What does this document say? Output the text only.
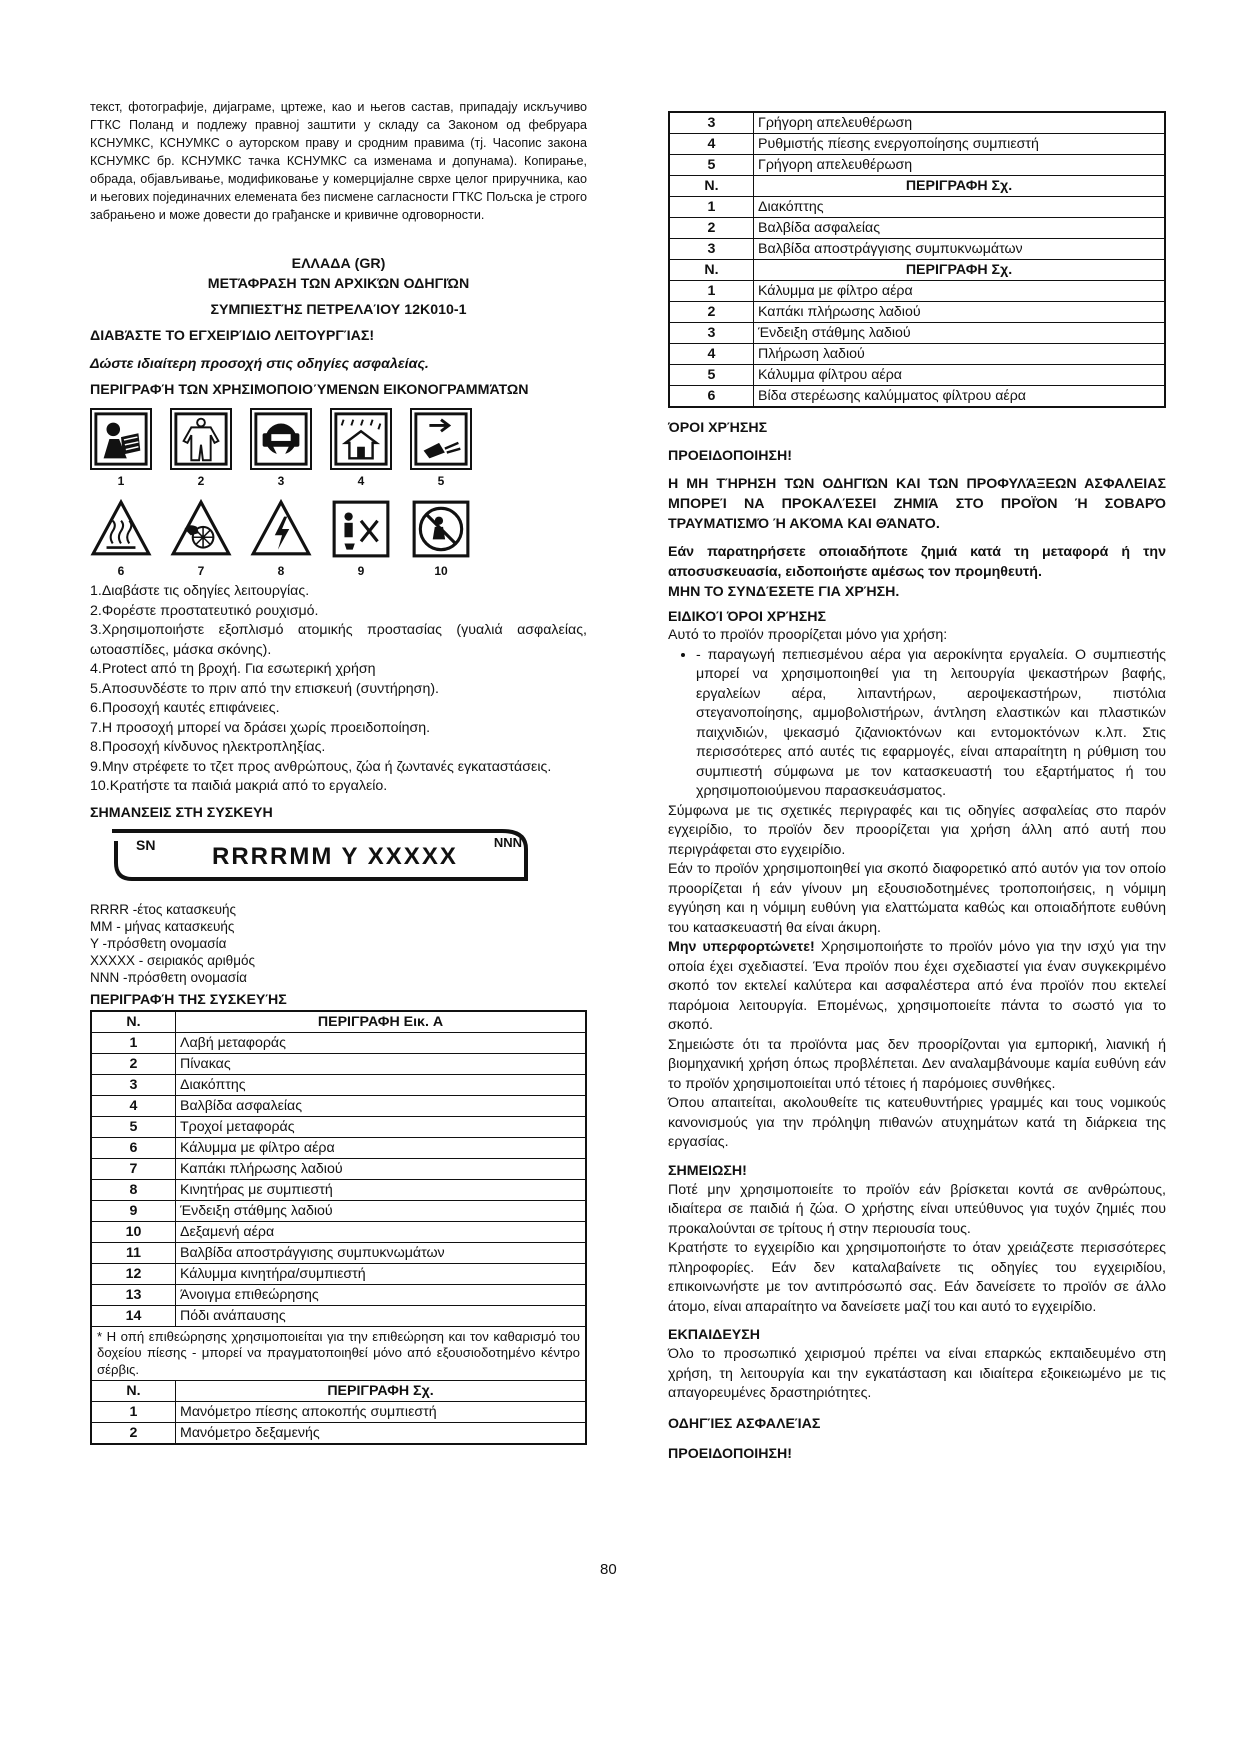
текст, фотографије, дијаграме, цртеже, као и његов састав, припадају искључиво ГТКС Поланд и подлежу правној заштити у складу са Законом од фебруара КСНУМКС, КСНУМКС о ауторском праву и сродним правима (тј. Часопис закона КСНУМКС бр. КСНУМКС тачка КСНУМКС са изменама и допунама). Копирање, обрада, објављивање, модификовање у комерцијалне сврхе целог приручника, као и његових појединачних елемената без писмене сагласности ГТКС Пољска је строго забрањено и може довести до грађанске и кривичне одговорности.

ΕΛΛΑΔΑ (GR)

ΜΕΤΆΦΡΑΣΗ ΤΩΝ ΑΡΧΙΚΏΝ ΟΔΗΓΙΏΝ

ΣΥΜΠΙΕΣΤΉΣ ΠΕΤΡΕΛΑΊΟΥ 12K010-1

ΔΙΑΒΆΣΤΕ ΤΟ ΕΓΧΕΙΡΊΔΙΟ ΛΕΙΤΟΥΡΓΊΑΣ!

Δώστε ιδιαίτερη προσοχή στις οδηγίες ασφαλείας.

ΠΕΡΙΓΡΑΦΉ ΤΩΝ ΧΡΗΣΙΜΟΠΟΙΟΎΜΕΝΩΝ ΕΙΚΟΝΟΓΡΑΜΜΆΤΩΝ

1	2	3	4	5
6	7	8	9	10

1.Διαβάστε τις οδηγίες λειτουργίας.

2.Φορέστε προστατευτικό ρουχισμό.

3.Χρησιμοποιήστε εξοπλισμό ατομικής προστασίας (γυαλιά ασφαλείας, ωτοασπίδες, μάσκα σκόνης).

4.Protect από τη βροχή. Για εσωτερική χρήση

5.Αποσυνδέστε το πριν από την επισκευή (συντήρηση).

6.Προσοχή καυτές επιφάνειες.

7.Η προσοχή μπορεί να δράσει χωρίς προειδοποίηση.

8.Προσοχή κίνδυνος ηλεκτροπληξίας.

9.Μην στρέφετε το τζετ προς ανθρώπους, ζώα ή ζωντανές εγκαταστάσεις.

10.Κρατήστε τα παιδιά μακριά από το εργαλείο.

ΣΗΜΑΝΣΕΙΣ ΣΤΗ ΣΥΣΚΕΥΗ

SN RRRRMM Y XXXXX
NNN

RRRR -έτος κατασκευής

MM - μήνας κατασκευής

Y -πρόσθετη ονομασία

XXXXX - σειριακός αριθμός

NNN -πρόσθετη ονομασία

ΠΕΡΙΓΡΑΦΉ ΤΗΣ ΣΥΣΚΕΥΉΣ

N.	ΠΕΡΙΓΡΑΦΗ Εικ. A
1	Λαβή μεταφοράς
2	Πίνακας
3	Διακόπτης
4	Βαλβίδα ασφαλείας
5	Τροχοί μεταφοράς
6	Κάλυμμα με φίλτρο αέρα
7	Καπάκι πλήρωσης λαδιού
8	Κινητήρας με συμπιεστή
9	Ένδειξη στάθμης λαδιού
10	Δεξαμενή αέρα
11	Βαλβίδα αποστράγγισης συμπυκνωμάτων
12	Κάλυμμα κινητήρα/συμπιεστή
13	Άνοιγμα επιθεώρησης
14	Πόδι ανάπαυσης
* Η οπή επιθεώρησης χρησιμοποιείται για την επιθεώρηση και τον καθαρισμό του δοχείου πίεσης - μπορεί να πραγματοποιηθεί μόνο από εξουσιοδοτημένο κέντρο σέρβις.	
N.	ΠΕΡΙΓΡΑΦΗ Σχ.
1	Μανόμετρο πίεσης αποκοπής συμπιεστή
2	Μανόμετρο δεξαμενής
3	Γρήγορη απελευθέρωση
4	Ρυθμιστής πίεσης ενεργοποίησης συμπιεστή
5	Γρήγορη απελευθέρωση
N.	ΠΕΡΙΓΡΑΦΗ Σχ.
1	Διακόπτης
2	Βαλβίδα ασφαλείας
3	Βαλβίδα αποστράγγισης συμπυκνωμάτων
N.	ΠΕΡΙΓΡΑΦΗ Σχ.
1	Κάλυμμα με φίλτρο αέρα
2	Καπάκι πλήρωσης λαδιού
3	Ένδειξη στάθμης λαδιού
4	Πλήρωση λαδιού
5	Κάλυμμα φίλτρου αέρα
6	Βίδα στερέωσης καλύμματος φίλτρου αέρα

ΌΡΟΙ ΧΡΉΣΗΣ

ΠΡΟΕΙΔΟΠΟΙΗΣΗ!

Η ΜΗ ΤΉΡΗΣΗ ΤΩΝ ΟΔΗΓΙΏΝ ΚΑΙ ΤΩΝ ΠΡΟΦΥΛΆΞΕΩΝ ΑΣΦΑΛΕΙΑΣ ΜΠΟΡΕΊ ΝΑ ΠΡΟΚΑΛΈΣΕΙ ΖΗΜΙΆ ΣΤΟ ΠΡΟΪΌΝ Ή ΣΟΒΑΡΌ ΤΡΑΥΜΑΤΙΣΜΌ Ή ΑΚΌΜΑ ΚΑΙ ΘΆΝΑΤΟ.

Εάν παρατηρήσετε οποιαδήποτε ζημιά κατά τη μεταφορά ή την αποσυσκευασία, ειδοποιήστε αμέσως τον προμηθευτή.

ΜΗΝ ΤΟ ΣΥΝΔΈΣΕΤΕ ΓΙΑ ΧΡΉΣΗ.

ΕΙΔΙΚΟΊ ΌΡΟΙ ΧΡΉΣΗΣ

Αυτό το προϊόν προορίζεται μόνο για χρήση:

• - παραγωγή πεπιεσμένου αέρα για αεροκίνητα εργαλεία. Ο συμπιεστής μπορεί να χρησιμοποιηθεί για τη λειτουργία ψεκαστήρων βαφής, εργαλείων αέρα, λιπαντήρων, αεροψεκαστήρων, πιστόλια στεγανοποίησης, αμμοβολιστήρων, άντληση ελαστικών και πλαστικών παιχνιδιών, ψεκασμό ζιζανιοκτόνων και εντομοκτόνων κ.λπ. Στις περισσότερες από αυτές τις εφαρμογές, είναι απαραίτητη η ρύθμιση του συμπιεστή σύμφωνα με τον κατασκευαστή του εξαρτήματος ή του χρησιμοποιούμενου παρασκευάσματος.

Σύμφωνα με τις σχετικές περιγραφές και τις οδηγίες ασφαλείας στο παρόν εγχειρίδιο, το προϊόν δεν προορίζεται για χρήση άλλη από αυτή που περιγράφεται στο εγχειρίδιο.

Εάν το προϊόν χρησιμοποιηθεί για σκοπό διαφορετικό από αυτόν για τον οποίο προορίζεται ή εάν γίνουν μη εξουσιοδοτημένες τροποποιήσεις, η νόμιμη εγγύηση και η νόμιμη ευθύνη για ελαττώματα καθώς και οποιαδήποτε ευθύνη του κατασκευαστή θα είναι άκυρη.

Μην υπερφορτώνετε! Χρησιμοποιήστε το προϊόν μόνο για την ισχύ για την οποία έχει σχεδιαστεί. Ένα προϊόν που έχει σχεδιαστεί για έναν συγκεκριμένο σκοπό τον εκτελεί καλύτερα και ασφαλέστερα από ένα προϊόν που εκτελεί παρόμοια λειτουργία. Επομένως, χρησιμοποιείτε πάντα το σωστό για το σκοπό.

Σημειώστε ότι τα προϊόντα μας δεν προορίζονται για εμπορική, λιανική ή βιομηχανική χρήση όπως προβλέπεται. Δεν αναλαμβάνουμε καμία ευθύνη εάν το προϊόν χρησιμοποιείται υπό τέτοιες ή παρόμοιες συνθήκες.

Όπου απαιτείται, ακολουθείτε τις κατευθυντήριες γραμμές και τους νομικούς κανονισμούς για την πρόληψη πιθανών ατυχημάτων κατά τη διάρκεια της εργασίας.

ΣΗΜΕΙΩΣΗ!

Ποτέ μην χρησιμοποιείτε το προϊόν εάν βρίσκεται κοντά σε ανθρώπους, ιδιαίτερα σε παιδιά ή ζώα. Ο χρήστης είναι υπεύθυνος για τυχόν ζημιές που προκαλούνται σε τρίτους ή στην περιουσία τους.

Κρατήστε το εγχειρίδιο και χρησιμοποιήστε το όταν χρειάζεστε περισσότερες πληροφορίες. Εάν δεν καταλαβαίνετε τις οδηγίες του εγχειριδίου, επικοινωνήστε με τον αντιπρόσωπό σας. Εάν δανείσετε το προϊόν σε άλλο άτομο, είναι απαραίτητο να δανείσετε μαζί του και αυτό το εγχειρίδιο.

ΕΚΠΑΙΔΕΥΣΗ

Όλο το προσωπικό χειρισμού πρέπει να είναι επαρκώς εκπαιδευμένο στη χρήση, τη λειτουργία και την εγκατάσταση και ιδιαίτερα εξοικειωμένο με τις απαγορευμένες δραστηριότητες.

ΟΔΗΓΊΕΣ ΑΣΦΑΛΕΊΑΣ

ΠΡΟΕΙΔΟΠΟΙΗΣΗ!

80
